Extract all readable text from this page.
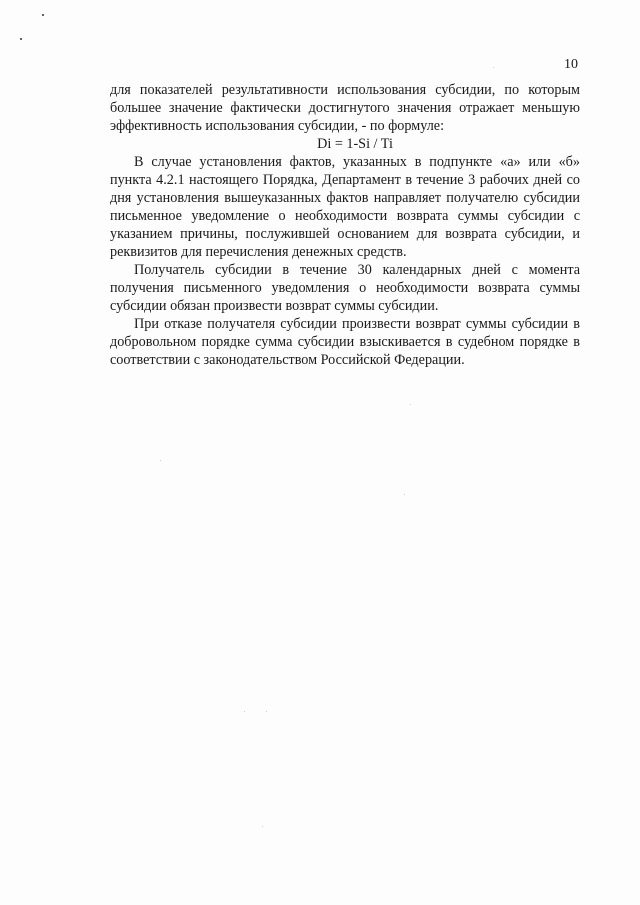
10

для показателей результативности использования субсидии, по которым большее значение фактически достигнутого значения отражает меньшую эффективность использования субсидии, - по формуле:

Di = 1-Si / Ti

В случае установления фактов, указанных в подпункте «а» или «б» пункта 4.2.1 настоящего Порядка, Департамент в течение 3 рабочих дней со дня установления вышеуказанных фактов направляет получателю субсидии письменное уведомление о необходимости возврата суммы субсидии с указанием причины, послужившей основанием для возврата субсидии, и реквизитов для перечисления денежных средств.

Получатель субсидии в течение 30 календарных дней с момента получения письменного уведомления о необходимости возврата суммы субсидии обязан произвести возврат суммы субсидии.

При отказе получателя субсидии произвести возврат суммы субсидии в добровольном порядке сумма субсидии взыскивается в судебном порядке в соответствии с законодательством Российской Федерации.
